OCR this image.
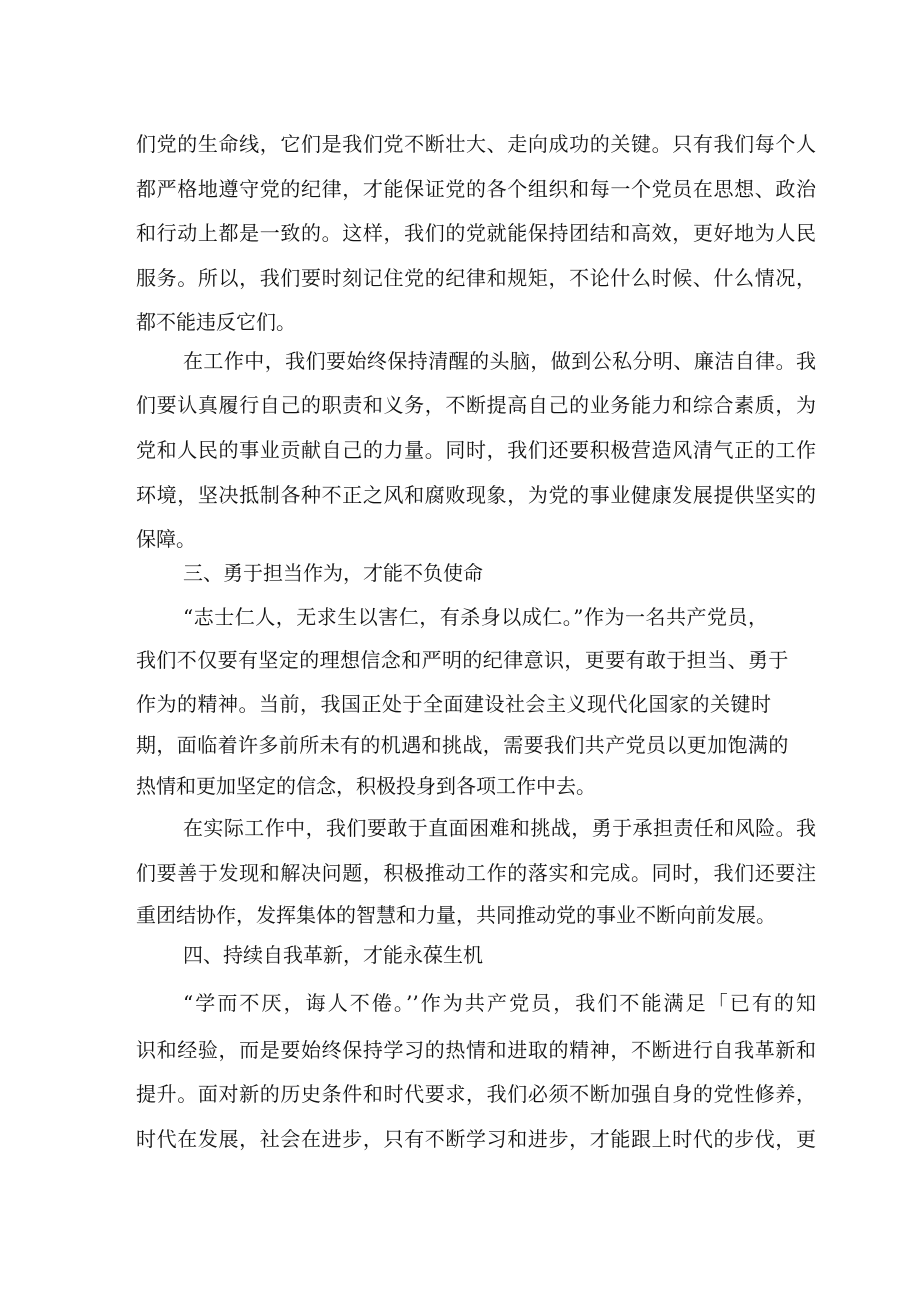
们党的生命线，它们是我们党不断壮大、走向成功的关键。只有我们每个人
都严格地遵守党的纪律，才能保证党的各个组织和每一个党员在思想、政治
和行动上都是一致的。这样，我们的党就能保持团结和高效，更好地为人民
服务。所以，我们要时刻记住党的纪律和规矩，不论什么时候、什么情况，
都不能违反它们。
在工作中，我们要始终保持清醒的头脑，做到公私分明、廉洁自律。我
们要认真履行自己的职责和义务，不断提高自己的业务能力和综合素质，为
党和人民的事业贡献自己的力量。同时，我们还要积极营造风清气正的工作
环境，坚决抵制各种不正之风和腐败现象，为党的事业健康发展提供坚实的
保障。
三、勇于担当作为，才能不负使命
“志士仁人，无求生以害仁，有杀身以成仁。”作为一名共产党员，
我们不仅要有坚定的理想信念和严明的纪律意识，更要有敢于担当、勇于
作为的精神。当前，我国正处于全面建设社会主义现代化国家的关键时
期，面临着许多前所未有的机遇和挑战，需要我们共产党员以更加饱满的
热情和更加坚定的信念，积极投身到各项工作中去。
在实际工作中，我们要敢于直面困难和挑战，勇于承担责任和风险。我
们要善于发现和解决问题，积极推动工作的落实和完成。同时，我们还要注
重团结协作，发挥集体的智慧和力量，共同推动党的事业不断向前发展。
四、持续自我革新，才能永葆生机
“学而不厌，诲人不倦。’’作为共产党员，我们不能满足「已有的知
识和经验，而是要始终保持学习的热情和进取的精神，不断进行自我革新和
提升。面对新的历史条件和时代要求，我们必须不断加强自身的党性修养，
时代在发展，社会在进步，只有不断学习和进步，才能跟上时代的步伐，更
